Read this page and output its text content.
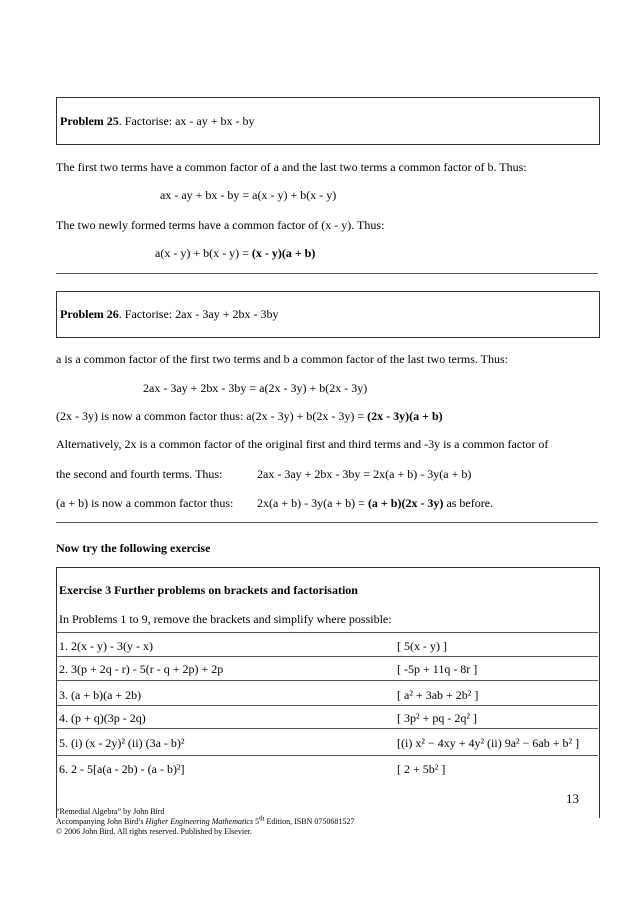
Problem 25. Factorise: ax - ay + bx - by
The first two terms have a common factor of a and the last two terms a common factor of b. Thus:
ax - ay + bx - by = a(x - y) + b(x - y)
The two newly formed terms have a common factor of (x - y). Thus:
a(x - y) + b(x - y) = (x - y)(a + b)
Problem 26. Factorise: 2ax - 3ay + 2bx - 3by
a is a common factor of the first two terms and b a common factor of the last two terms. Thus:
2ax - 3ay + 2bx - 3by = a(2x - 3y) + b(2x - 3y)
(2x - 3y) is now a common factor thus: a(2x - 3y) + b(2x - 3y) = (2x - 3y)(a + b)
Alternatively, 2x is a common factor of the original first and third terms and -3y is a common factor of
the second and fourth terms. Thus:	2ax - 3ay + 2bx - 3by = 2x(a + b) - 3y(a + b)
(a + b) is now a common factor thus: 2x(a + b) - 3y(a + b) = (a + b)(2x - 3y) as before.
Now try the following exercise
Exercise 3 Further problems on brackets and factorisation
In Problems 1 to 9, remove the brackets and simplify where possible:
1. 2(x - y) - 3(y - x)	[ 5(x - y) ]
2. 3(p + 2q - r) - 5(r - q + 2p) + 2p	[ -5p + 11q - 8r ]
3. (a + b)(a + 2b)	[ a² + 3ab + 2b² ]
4. (p + q)(3p - 2q)	[ 3p² + pq - 2q² ]
5. (i) (x - 2y)² (ii) (3a - b)²	[(i) x² − 4xy + 4y² (ii) 9a² − 6ab + b² ]
6. 2 - 5[a(a - 2b) - (a - b)²]	[ 2 + 5b² ]
13
“Remedial Algebra” by John Bird
Accompanying John Bird’s Higher Engineering Mathematics 5th Edition, ISBN 0750681527
© 2006 John Bird. All rights reserved. Published by Elsevier.
